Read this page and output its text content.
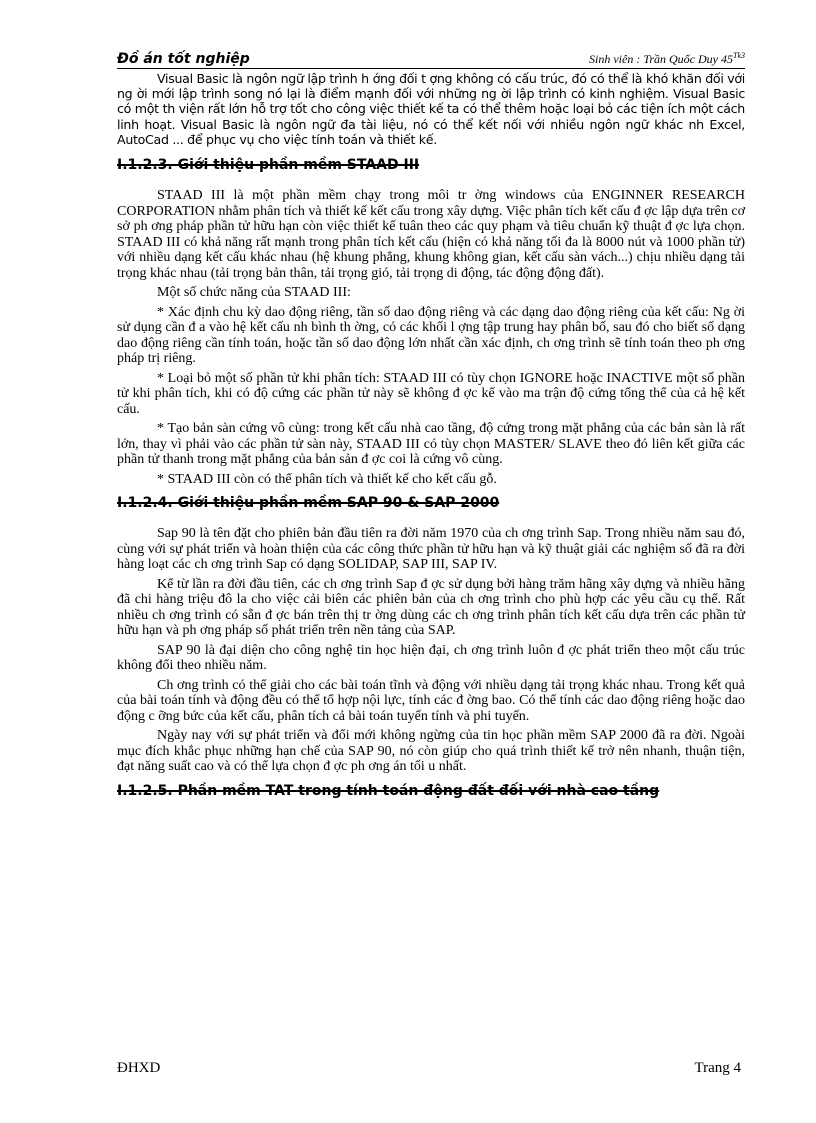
Đồ án tốt nghiệp	Sinh viên : Trần Quốc Duy $45^{Tk3}$

Visual Basic là ngôn ngữ lập trình h ớng đối t ợng không có cấu trúc, đó có thể là khó khăn đối với ng ời mới lập trình song nó lại là điểm mạnh đối với những ng ời lập trình có kinh nghiệm. Visual Basic có một th viện rất lớn hỗ trợ tốt cho công việc thiết kế ta có thể thêm hoặc loại bỏ các tiện ích một cách linh hoạt. Visual Basic là ngôn ngữ đa tài liệu, nó có thể kết nối với nhiều ngôn ngữ khác nh Excel, AutoCad ... để phục vụ cho việc tính toán và thiết kế.

I.1.2.3. Giới thiệu phần mềm STAAD III

STAAD III là một phần mềm chạy trong môi tr ờng windows của ENGINNER RESEARCH CORPORATION nhằm phân tích và thiết kế kết cấu trong xây dựng. Việc phân tích kết cấu đ ợc lập dựa trên cơ sở ph ơng pháp phần tử hữu hạn còn việc thiết kế tuân theo các quy phạm và tiêu chuẩn kỹ thuật đ ợc lựa chọn. STAAD III có khả năng rất mạnh trong phân tích kết cấu (hiện có khả năng tối đa là 8000 nút và 1000 phần tử) với nhiều dạng kết cấu khác nhau (hệ khung phẳng, khung không gian, kết cấu sàn vách...) chịu nhiều dạng tải trọng khác nhau (tải trọng bản thân, tải trọng gió, tải trọng di động, tác động động đất).

Một số chức năng của STAAD III:

* Xác định chu kỳ dao động riêng, tần số dao động riêng và các dạng dao động riêng của kết cấu: Ng ời sử dụng cần đ a vào hệ kết cấu nh bình th ờng, có các khối l ợng tập trung hay phân bố, sau đó cho biết số dạng dao động riêng cần tính toán, hoặc tần số dao động lớn nhất cần xác định, ch ơng trình sẽ tính toán theo ph ơng pháp trị riêng.

* Loại bỏ một số phần tử khi phân tích: STAAD III có tùy chọn IGNORE hoặc INACTIVE một số phần tử khi phân tích, khi có độ cứng các phần tử này sẽ không đ ợc kể vào ma trận độ cứng tổng thể của cả hệ kết cấu.

* Tạo bản sàn cứng vô cùng: trong kết cấu nhà cao tầng, độ cứng trong mặt phẳng của các bản sàn là rất lớn, thay vì phải vào các phần tử sàn này, STAAD III có tùy chọn MASTER/ SLAVE theo đó liên kết giữa các phần tử thanh trong mặt phẳng của bản sản đ ợc coi là cứng vô cùng.

* STAAD III còn có thể phân tích và thiết kế cho kết cấu gỗ.

I.1.2.4. Giới thiệu phần mềm SAP 90 & SAP 2000

Sap 90 là tên đặt cho phiên bản đầu tiên ra đời năm 1970 của ch ơng trình Sap. Trong nhiều năm sau đó, cùng với sự phát triển và hoàn thiện của các công thức phần tử hữu hạn và kỹ thuật giải các nghiệm số đã ra đời hàng loạt các ch ơng trình Sap có dạng SOLIDAP, SAP III, SAP IV.

Kể từ lần ra đời đầu tiên, các ch ơng trình Sap đ ợc sử dụng bởi hàng trăm hãng xây dựng và nhiều hãng đã chi hàng triệu đô la cho việc cải biên các phiên bản của ch ơng trình cho phù hợp các yêu cầu cụ thể. Rất nhiều ch ơng trình có sẵn đ ợc bán trên thị tr ờng dùng các ch ơng trình phân tích kết cấu dựa trên các phần tử hữu hạn và ph ơng pháp số phát triển trên nền tảng của SAP.

SAP 90 là đại diện cho công nghệ tin học hiện đại, ch ơng trình luôn đ ợc phát triển theo một cấu trúc không đổi theo nhiều năm.

Ch ơng trình có thể giải cho các bài toán tĩnh và động với nhiều dạng tải trọng khác nhau. Trong kết quả của bài toán tính và động đều có thể tổ hợp nội lực, tính các đ ờng bao. Có thể tính các dao động riêng hoặc dao động c ỡng bức của kết cấu, phân tích cả bài toán tuyến tính và phi tuyến.

Ngày nay với sự phát triển và đổi mới không ngừng của tin học phần mềm SAP 2000 đã ra đời. Ngoài mục đích khắc phục những hạn chế của SAP 90, nó còn giúp cho quá trình thiết kế trở nên nhanh, thuận tiện, đạt năng suất cao và có thể lựa chọn đ ợc ph ơng án tối u nhất.

I.1.2.5. Phần mềm TAT trong tính toán động đất đối với nhà cao tầng
ĐHXD	Trang 4
